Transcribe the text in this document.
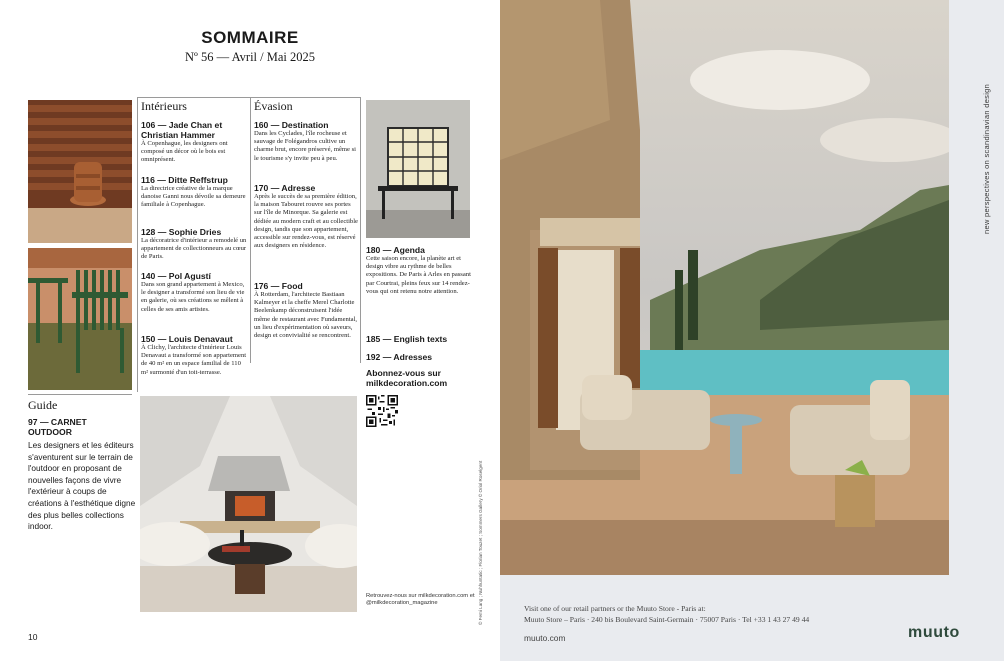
SOMMAIRE
Nº 56 — Avril / Mai 2025
Intérieurs	Évasion

106 — Jade Chan et Christian Hammer

À Copenhague, les designers ont composé un décor où le bois est omniprésent.

116 — Ditte Reffstrup

La directrice créative de la marque danoise Ganni nous dévoile sa demeure familiale à Copenhague.

128 — Sophie Dries

La décoratrice d'intérieur a remodelé un appartement de collectionneurs au cœur de Paris.

140 — Pol Agustí

Dans son grand appartement à Mexico, le designer a transformé son lieu de vie en galerie, où ses créations se mêlent à celles de ses amis artistes.

150 — Louis Denavaut

À Clichy, l'architecte d'intérieur Louis Denavaut a transformé son appartement de 40 m² en un espace familial de 110 m² surmonté d'un toit-terrasse.

160 — Destination

Dans les Cyclades, l'île rocheuse et sauvage de Folégandros cultive un charme brut, encore préservé, même si le tourisme s'y invite peu à peu.

170 — Adresse

Après le succès de sa première édition, la maison Tabouret rouvre ses portes sur l'île de Minorque. Sa galerie est dédiée au modern craft et au collectible design, tandis que son appartement, accessible sur rendez-vous, est réservé aux designers en résidence.

176 — Food

À Rotterdam, l'architecte Bastiaan Kalmeyer et la cheffe Merel Charlotte Beelenkamp déconstruisent l'idée même de restaurant avec Fundamental, un lieu d'expérimentation où saveurs, design et convivialité se rencontrent.

180 — Agenda

Cette saison encore, la planète art et design vibre au rythme de belles expositions. De Paris à Arles en passant par Courtrai, pleins feux sur 14 rendez-vous qui ont retenu notre attention.

185 — English texts

192 — Adresses

Abonnez-vous sur milkdecoration.com
Guide
97 — CARNET OUTDOOR
Les designers et les éditeurs s'aventurent sur le terrain de l'outdoor en proposant de nouvelles façons de vivre l'extérieur à coups de créations à l'esthétique digne des plus belles collections indoor.
new perspectives on scandinavian design
Visit one of our retail partners or the Muuto Store - Paris at:
Muuto Store – Paris · 240 bis Boulevard Saint-Germain · 75007 Paris · Tel +33 1 43 27 49 44
muuto.com	muuto
Retrouvez-nous sur milkdecoration.com et @milkdecoration_magazine	© Femi Lang ; Nuhhuntatic ; Florian Touzet ; Sommers Gallery © Oriol Roselgent
10
